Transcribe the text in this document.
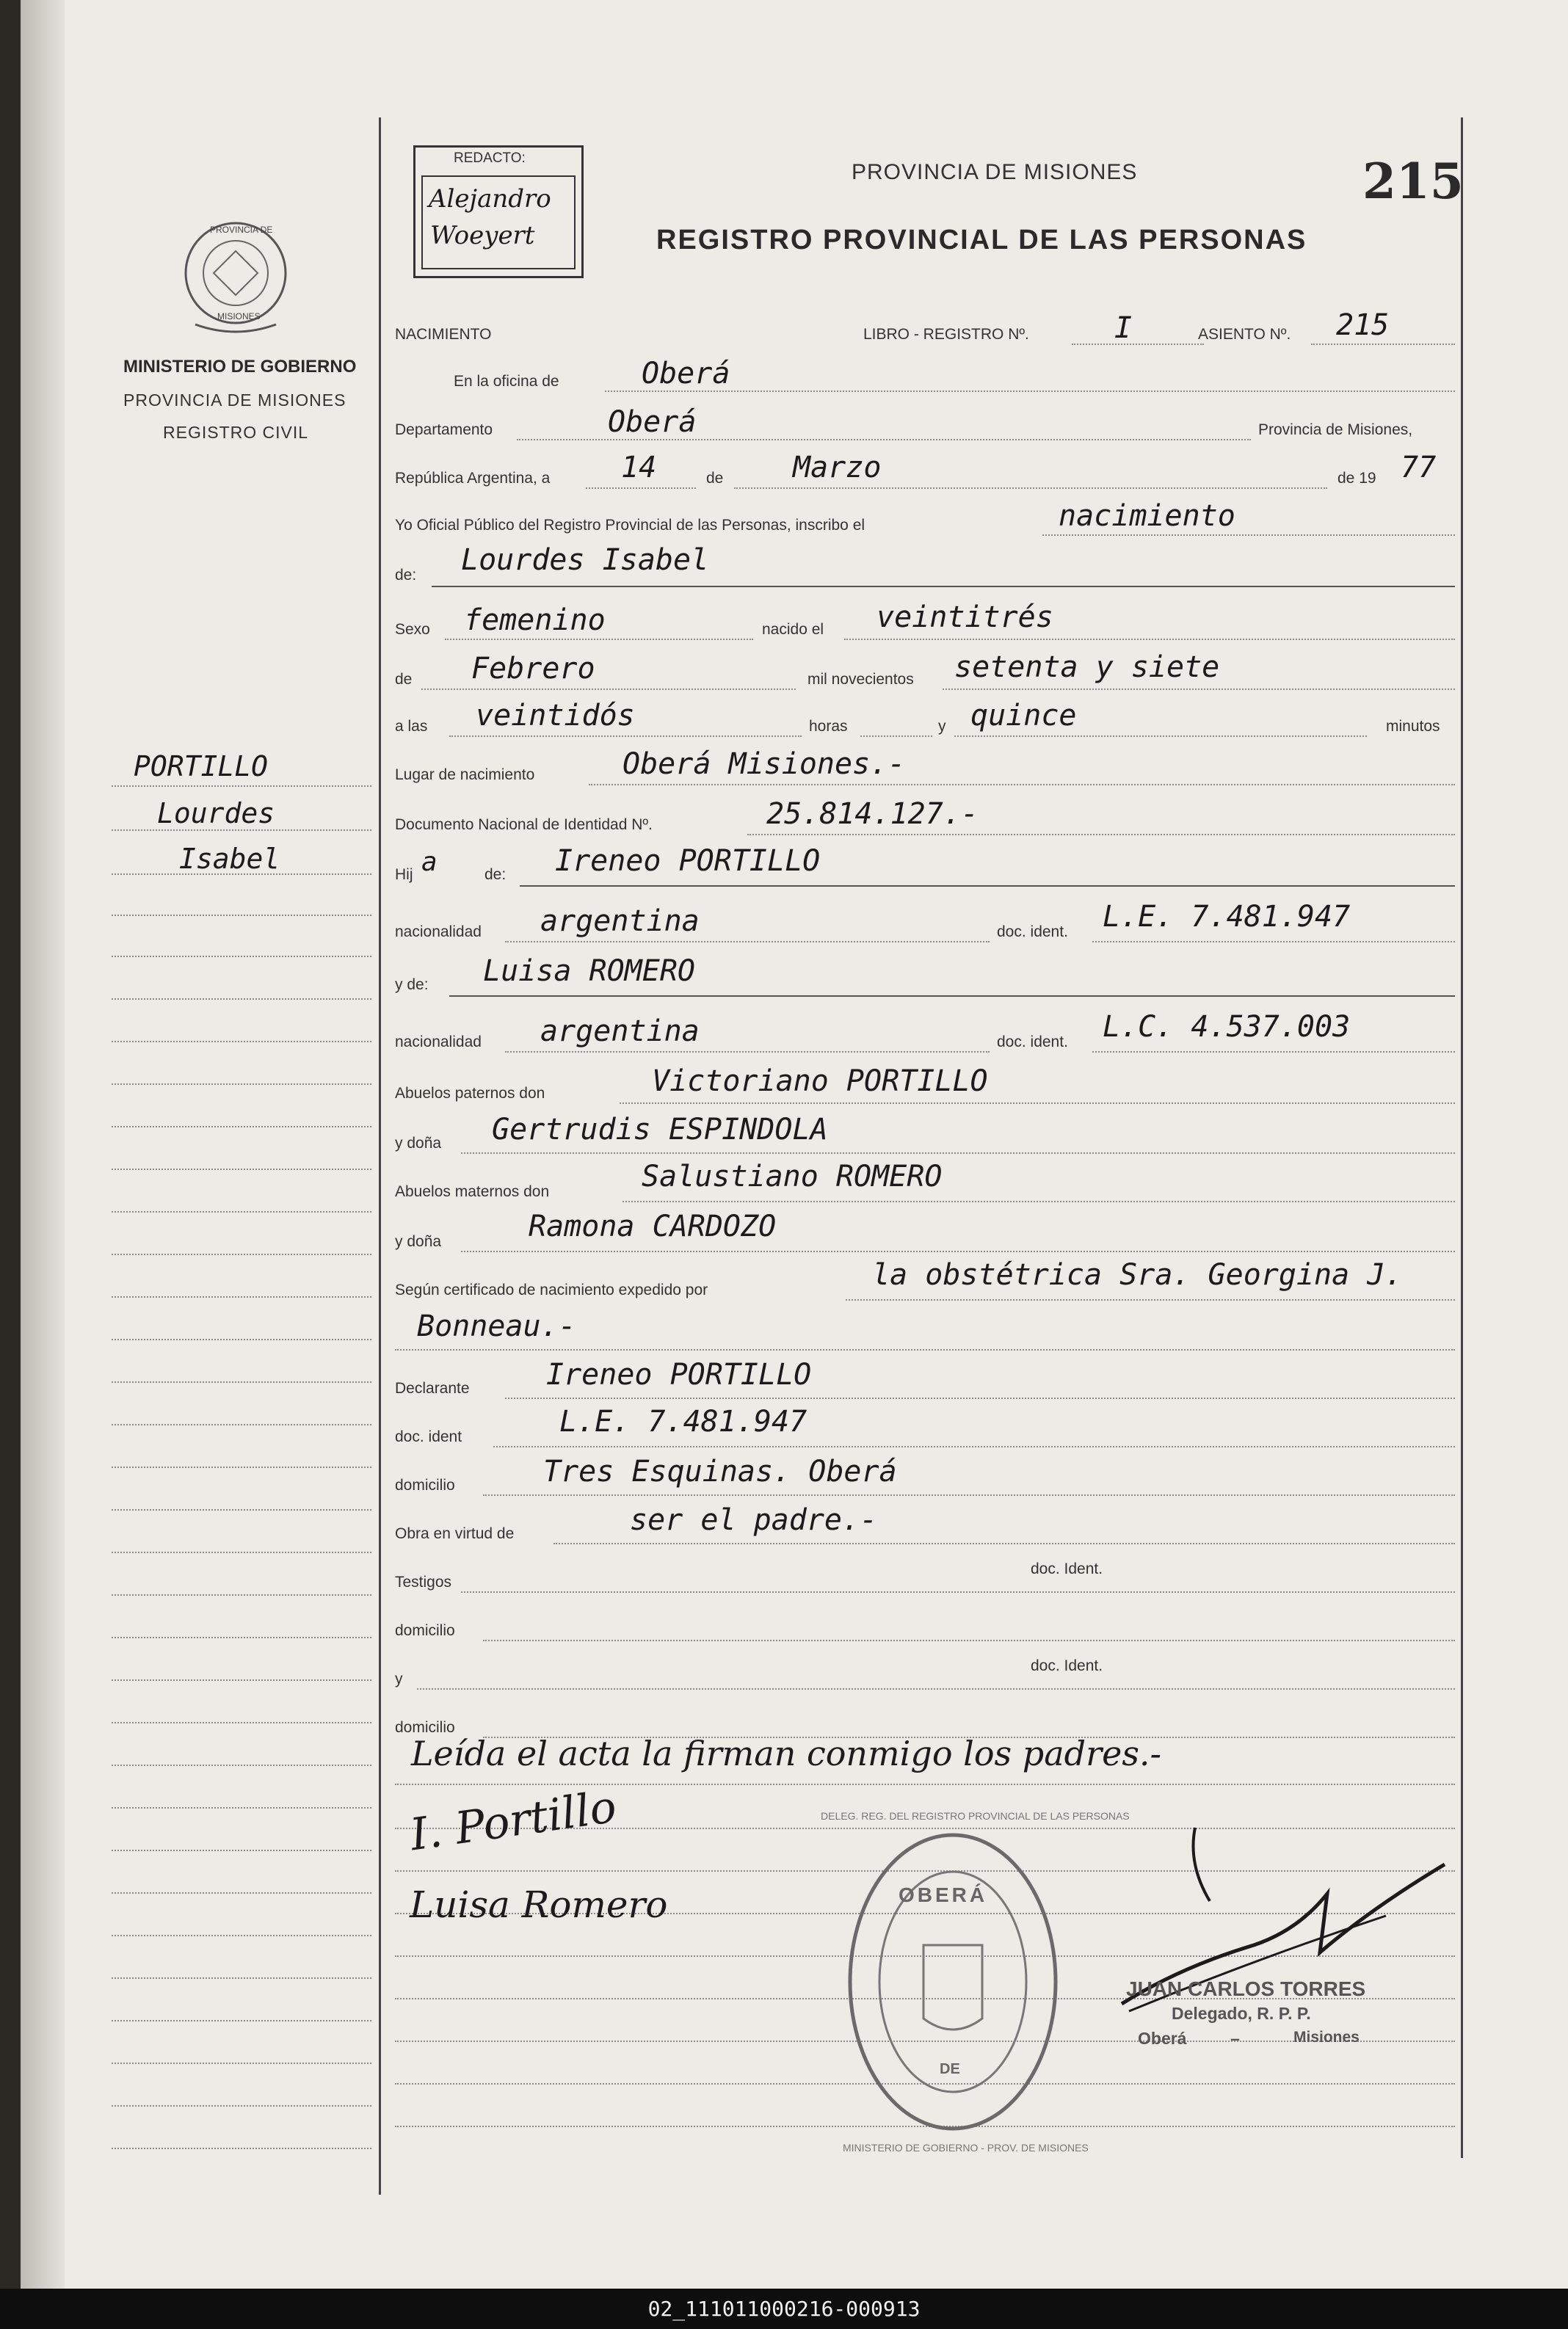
REDACTO:
Alejandro
Woeyert
PROVINCIA DE MISIONES	215
REGISTRO PROVINCIAL DE LAS PERSONAS
PROVINCIA DE
MISIONES
MINISTERIO DE GOBIERNO
PROVINCIA DE MISIONES
REGISTRO CIVIL
PORTILLO
Lourdes
Isabel
NACIMIENTO	LIBRO - REGISTRO Nº.	I	ASIENTO Nº. 215
En la oficina de	Oberá
Departamento	Oberá	Provincia de Misiones,
República Argentina, a 14	de Marzo	de 19 77
Yo Oficial Público del Registro Provincial de las Personas, inscribo el	nacimiento
de: Lourdes Isabel
Sexo femenino	nacido el veintitrés
de Febrero	mil novecientos setenta y siete
a las veintidós	horas	y quince	minutos
Lugar de nacimiento	Oberá Misiones.-
Documento Nacional de Identidad Nº.	25.814.127.-
Hij a	de: Ireneo PORTILLO
nacionalidad argentina	doc. ident. L.E. 7.481.947
y de: Luisa ROMERO
nacionalidad argentina	doc. ident. L.C. 4.537.003
Abuelos paternos don	Victoriano PORTILLO
y doña Gertrudis ESPINDOLA
Abuelos maternos don	Salustiano ROMERO
y doña	Ramona CARDOZO
Según certificado de nacimiento expedido por	la obstétrica Sra. Georgina J.
Bonneau.-
Declarante	Ireneo PORTILLO
doc. ident	L.E. 7.481.947
domicilio	Tres Esquinas. Oberá
Obra en virtud de	ser el padre.-
Testigos
doc. Ident.
domicilio
y
doc. Ident.
domicilio
Leída el acta la firman conmigo los padres.-
I. Portillo
Luisa Romero	OBERÁ
DE
DELEG. REG. DEL REGISTRO PROVINCIAL DE LAS PERSONAS
MINISTERIO DE GOBIERNO - PROV. DE MISIONES
JUAN CARLOS TORRES
Delegado, R. P. P.
Oberá	–	Misiones
02_111011000216-000913
